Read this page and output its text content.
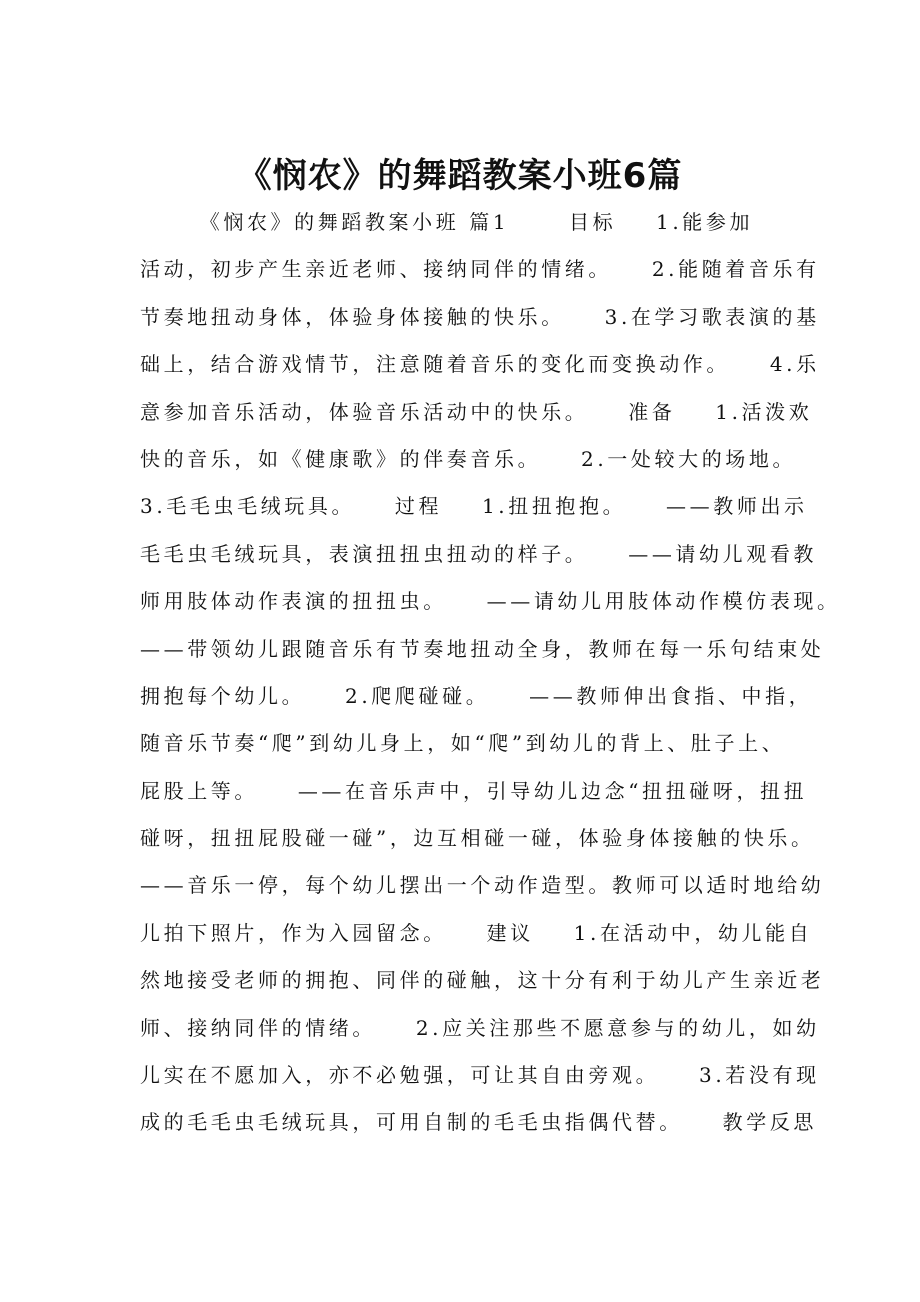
《悯农》的舞蹈教案小班6篇
《悯农》的舞蹈教案小班 篇1      目标    1.能参加
活动，初步产生亲近老师、接纳同伴的情绪。    2.能随着音乐有
节奏地扭动身体，体验身体接触的快乐。    3.在学习歌表演的基
础上，结合游戏情节，注意随着音乐的变化而变换动作。    4.乐
意参加音乐活动，体验音乐活动中的快乐。    准备    1.活泼欢
快的音乐，如《健康歌》的伴奏音乐。    2.一处较大的场地。
3.毛毛虫毛绒玩具。    过程    1.扭扭抱抱。    ——教师出示
毛毛虫毛绒玩具，表演扭扭虫扭动的样子。    ——请幼儿观看教
师用肢体动作表演的扭扭虫。    ——请幼儿用肢体动作模仿表现。
——带领幼儿跟随音乐有节奏地扭动全身，教师在每一乐句结束处
拥抱每个幼儿。    2.爬爬碰碰。    ——教师伸出食指、中指，
随音乐节奏“爬”到幼儿身上，如“爬”到幼儿的背上、肚子上、
屁股上等。    ——在音乐声中，引导幼儿边念“扭扭碰呀，扭扭
碰呀，扭扭屁股碰一碰”，边互相碰一碰，体验身体接触的快乐。
——音乐一停，每个幼儿摆出一个动作造型。教师可以适时地给幼
儿拍下照片，作为入园留念。    建议    1.在活动中，幼儿能自
然地接受老师的拥抱、同伴的碰触，这十分有利于幼儿产生亲近老
师、接纳同伴的情绪。    2.应关注那些不愿意参与的幼儿，如幼
儿实在不愿加入，亦不必勉强，可让其自由旁观。    3.若没有现
成的毛毛虫毛绒玩具，可用自制的毛毛虫指偶代替。    教学反思
